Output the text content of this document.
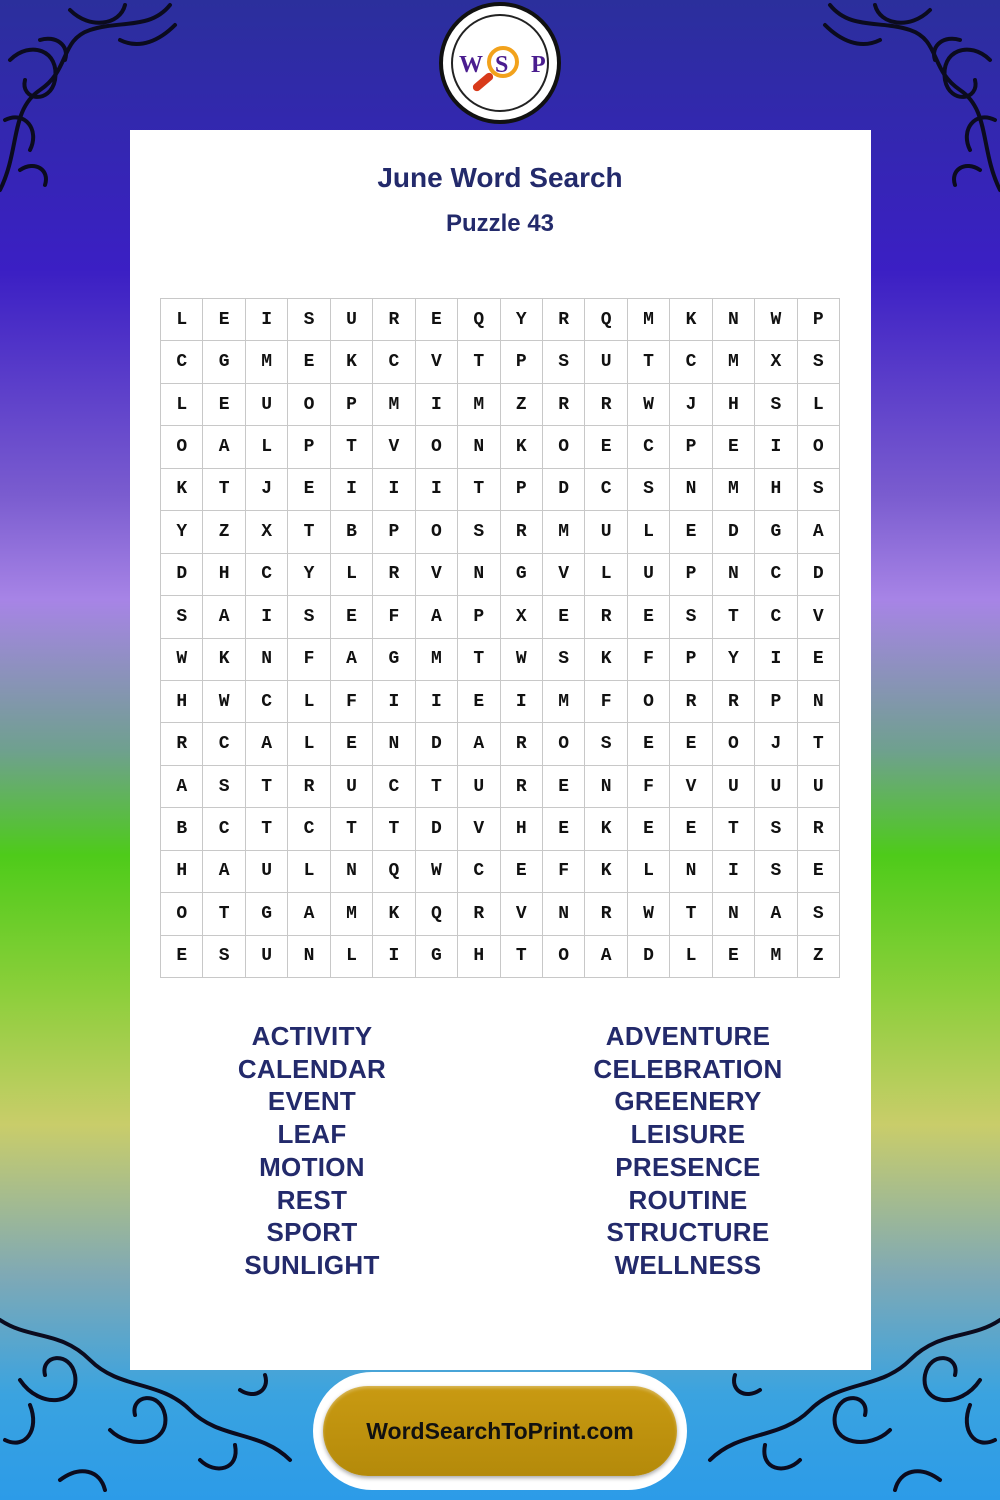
W S P
June Word Search
Puzzle 43
L	E	I	S	U	R	E	Q	Y	R	Q	M	K	N	W	P
C	G	M	E	K	C	V	T	P	S	U	T	C	M	X	S
L	E	U	O	P	M	I	M	Z	R	R	W	J	H	S	L
O	A	L	P	T	V	O	N	K	O	E	C	P	E	I	O
K	T	J	E	I	I	I	T	P	D	C	S	N	M	H	S
Y	Z	X	T	B	P	O	S	R	M	U	L	E	D	G	A
D	H	C	Y	L	R	V	N	G	V	L	U	P	N	C	D
S	A	I	S	E	F	A	P	X	E	R	E	S	T	C	V
W	K	N	F	A	G	M	T	W	S	K	F	P	Y	I	E
H	W	C	L	F	I	I	E	I	M	F	O	R	R	P	N
R	C	A	L	E	N	D	A	R	O	S	E	E	O	J	T
A	S	T	R	U	C	T	U	R	E	N	F	V	U	U	U
B	C	T	C	T	T	D	V	H	E	K	E	E	T	S	R
H	A	U	L	N	Q	W	C	E	F	K	L	N	I	S	E
O	T	G	A	M	K	Q	R	V	N	R	W	T	N	A	S
E	S	U	N	L	I	G	H	T	O	A	D	L	E	M	Z
ACTIVITY
CALENDAR
EVENT
LEAF
MOTION
REST
SPORT
SUNLIGHT
ADVENTURE
CELEBRATION
GREENERY
LEISURE
PRESENCE
ROUTINE
STRUCTURE
WELLNESS
WordSearchToPrint.com
